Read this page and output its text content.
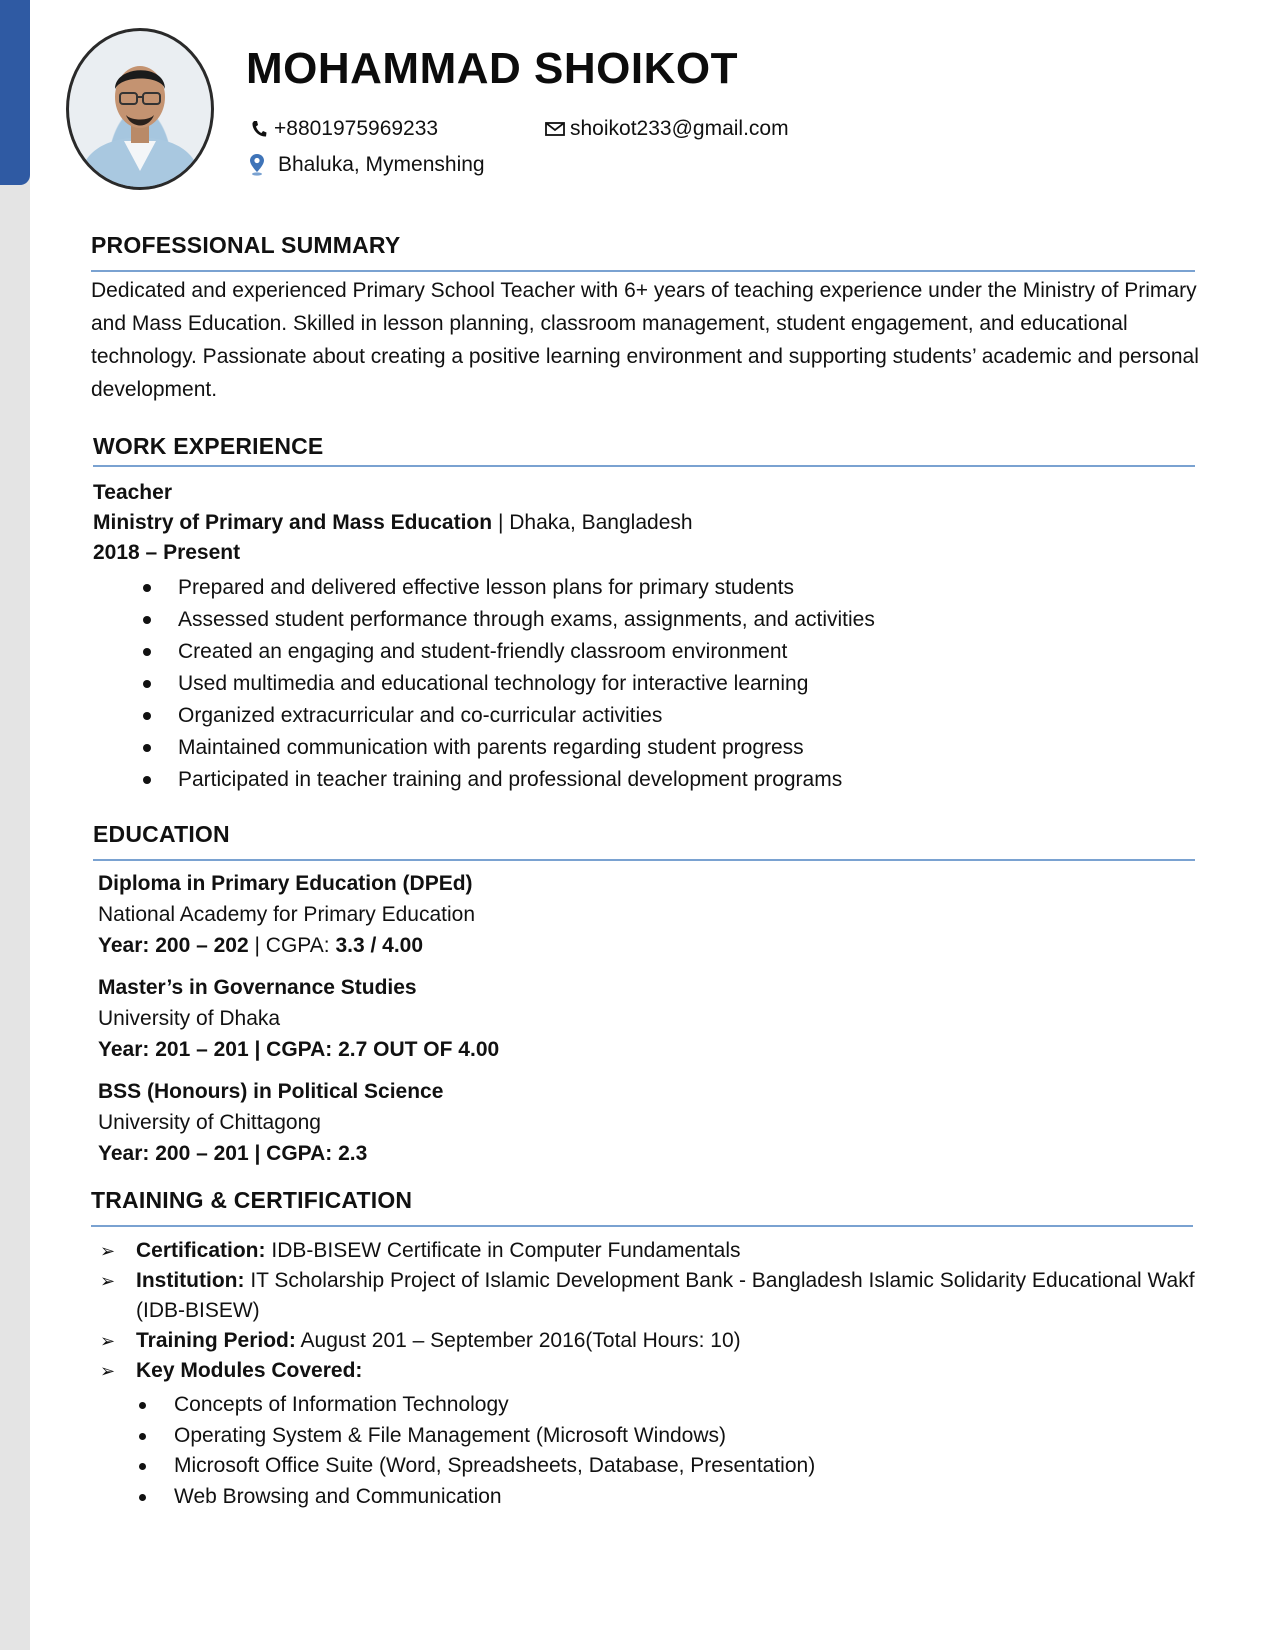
MOHAMMAD SHOIKOT
+8801975969233	shoikot233@gmail.com
Bhaluka, Mymenshing
PROFESSIONAL SUMMARY
Dedicated and experienced Primary School Teacher with 6+ years of teaching experience under the Ministry of Primary and Mass Education. Skilled in lesson planning, classroom management, student engagement, and educational technology. Passionate about creating a positive learning environment and supporting students’ academic and personal development.
WORK EXPERIENCE
Teacher
Ministry of Primary and Mass Education | Dhaka, Bangladesh
2018 – Present
Prepared and delivered effective lesson plans for primary students
Assessed student performance through exams, assignments, and activities
Created an engaging and student-friendly classroom environment
Used multimedia and educational technology for interactive learning
Organized extracurricular and co-curricular activities
Maintained communication with parents regarding student progress
Participated in teacher training and professional development programs
EDUCATION
Diploma in Primary Education (DPEd)
National Academy for Primary Education
Year: 200 – 202 | CGPA: 3.3 / 4.00
Master’s in Governance Studies
University of Dhaka
Year: 201 – 201 | CGPA: 2.7 OUT OF 4.00
BSS (Honours) in Political Science
University of Chittagong
Year: 200 – 201 | CGPA: 2.3
TRAINING & CERTIFICATION
➢ Certification: IDB-BISEW Certificate in Computer Fundamentals
➢ Institution: IT Scholarship Project of Islamic Development Bank - Bangladesh Islamic Solidarity Educational Wakf (IDB-BISEW)
➢ Training Period: August 201 – September 2016(Total Hours: 10)
➢ Key Modules Covered:
Concepts of Information Technology
Operating System & File Management (Microsoft Windows)
Microsoft Office Suite (Word, Spreadsheets, Database, Presentation)
Web Browsing and Communication
